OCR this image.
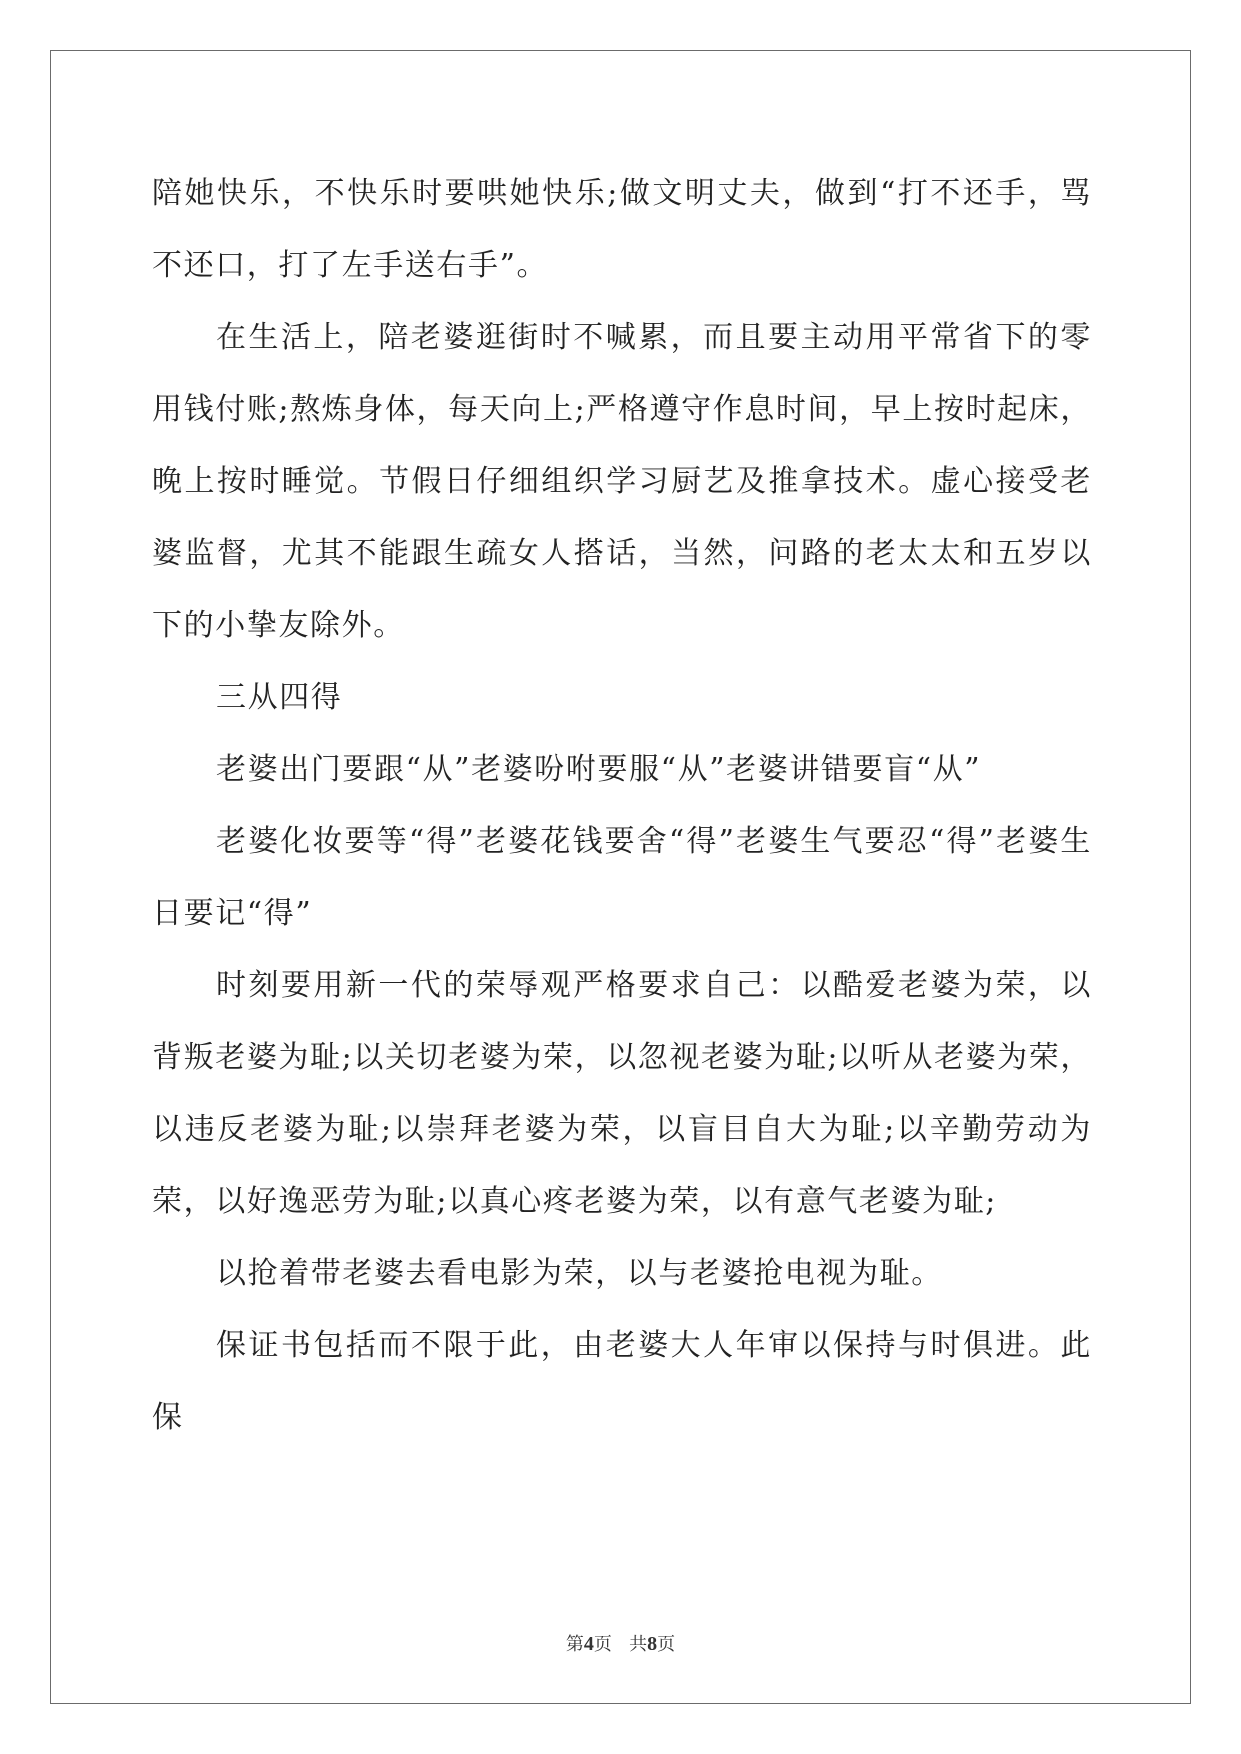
陪她快乐，不快乐时要哄她快乐;做文明丈夫，做到“打不还手，骂不还口，打了左手送右手”。

在生活上，陪老婆逛街时不喊累，而且要主动用平常省下的零用钱付账;熬炼身体，每天向上;严格遵守作息时间，早上按时起床，晚上按时睡觉。节假日仔细组织学习厨艺及推拿技术。虚心接受老婆监督，尤其不能跟生疏女人搭话，当然，问路的老太太和五岁以下的小挚友除外。

三从四得

老婆出门要跟“从”老婆吩咐要服“从”老婆讲错要盲“从”

老婆化妆要等“得”老婆花钱要舍“得”老婆生气要忍“得”老婆生日要记“得”

时刻要用新一代的荣辱观严格要求自己：以酷爱老婆为荣，以背叛老婆为耻;以关切老婆为荣，以忽视老婆为耻;以听从老婆为荣，以违反老婆为耻;以崇拜老婆为荣，以盲目自大为耻;以辛勤劳动为荣，以好逸恶劳为耻;以真心疼老婆为荣，以有意气老婆为耻;

以抢着带老婆去看电影为荣，以与老婆抢电视为耻。

保证书包括而不限于此，由老婆大人年审以保持与时俱进。此保

第4页 共8页
